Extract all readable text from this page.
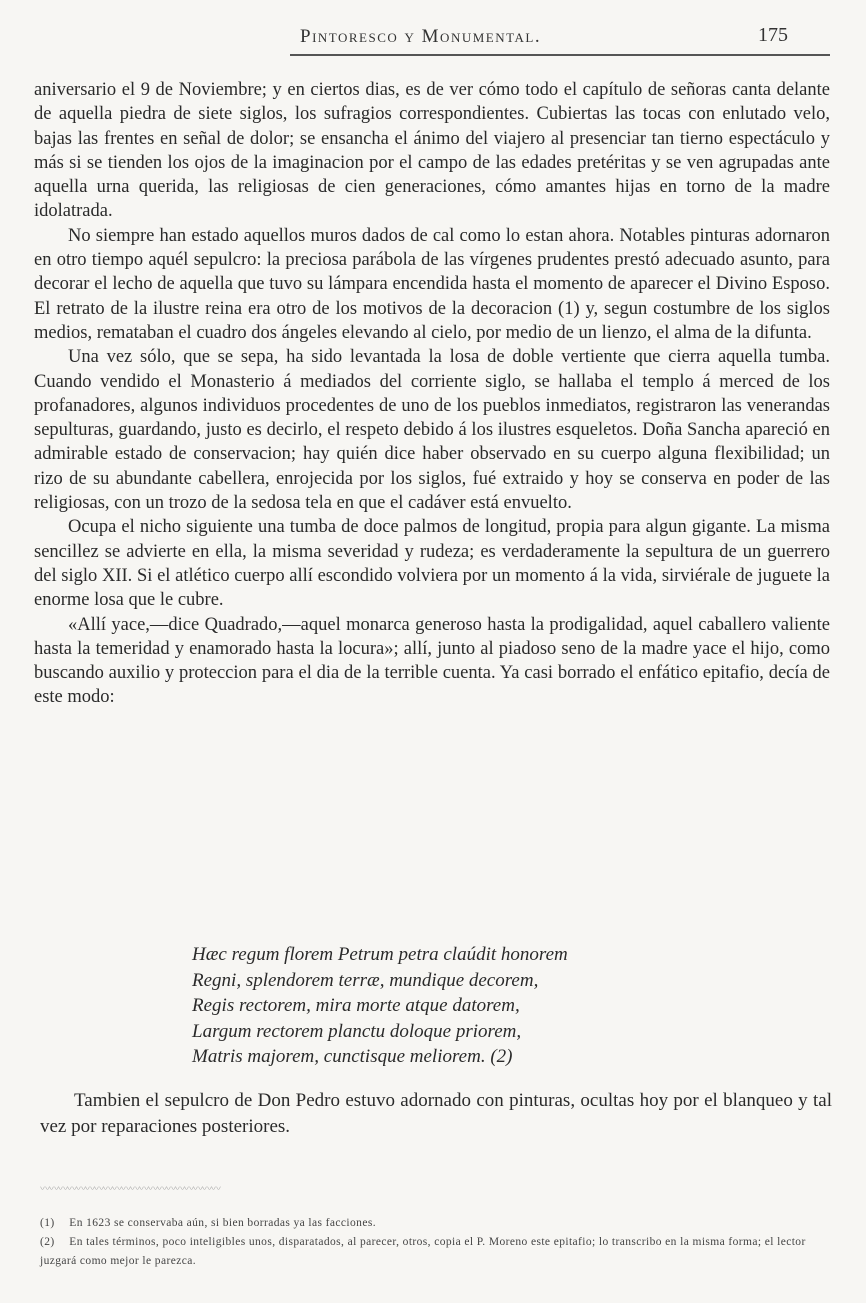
Pintoresco y Monumental.	175

aniversario el 9 de Noviembre; y en ciertos dias, es de ver cómo todo el capítulo de señoras canta delante de aquella piedra de siete siglos, los sufragios correspondientes. Cubiertas las tocas con enlutado velo, bajas las frentes en señal de dolor; se ensancha el ánimo del viajero al presenciar tan tierno espectáculo y más si se tienden los ojos de la imaginacion por el campo de las edades pretéritas y se ven agrupadas ante aquella urna querida, las religiosas de cien generaciones, cómo amantes hijas en torno de la madre idolatrada.

No siempre han estado aquellos muros dados de cal como lo estan ahora. Notables pinturas adornaron en otro tiempo aquél sepulcro: la preciosa parábola de las vírgenes prudentes prestó adecuado asunto, para decorar el lecho de aquella que tuvo su lámpara encendida hasta el momento de aparecer el Divino Esposo. El retrato de la ilustre reina era otro de los motivos de la decoracion (1) y, segun costumbre de los siglos medios, remataban el cuadro dos ángeles elevando al cielo, por medio de un lienzo, el alma de la difunta.

Una vez sólo, que se sepa, ha sido levantada la losa de doble vertiente que cierra aquella tumba. Cuando vendido el Monasterio á mediados del corriente siglo, se hallaba el templo á merced de los profanadores, algunos individuos procedentes de uno de los pueblos inmediatos, registraron las venerandas sepulturas, guardando, justo es decirlo, el respeto debido á los ilustres esqueletos. Doña Sancha apareció en admirable estado de conservacion; hay quién dice haber observado en su cuerpo alguna flexibilidad; un rizo de su abundante cabellera, enrojecida por los siglos, fué extraido y hoy se conserva en poder de las religiosas, con un trozo de la sedosa tela en que el cadáver está envuelto.

Ocupa el nicho siguiente una tumba de doce palmos de longitud, propia para algun gigante. La misma sencillez se advierte en ella, la misma severidad y rudeza; es verdaderamente la sepultura de un guerrero del siglo XII. Si el atlético cuerpo allí escondido volviera por un momento á la vida, sirviérale de juguete la enorme losa que le cubre.

«Allí yace,—dice Quadrado,—aquel monarca generoso hasta la prodigalidad, aquel caballero valiente hasta la temeridad y enamorado hasta la locura»; allí, junto al piadoso seno de la madre yace el hijo, como buscando auxilio y proteccion para el dia de la terrible cuenta. Ya casi borrado el enfático epitafio, decía de este modo:

Hæc regum florem Petrum petra claúdit honorem
Regni, splendorem terræ, mundique decorem,
Regis rectorem, mira morte atque datorem,
Largum rectorem planctu doloque priorem,
Matris majorem, cunctisque meliorem. (2)

Tambien el sepulcro de Don Pedro estuvo adornado con pinturas, ocultas hoy por el blanqueo y tal vez por reparaciones posteriores.

〰〰〰〰〰〰〰〰〰〰〰〰〰〰〰〰〰〰〰〰

(1) En 1623 se conservaba aún, si bien borradas ya las facciones.

(2) En tales términos, poco inteligibles unos, disparatados, al parecer, otros, copia el P. Moreno este epitafio; lo transcribo en la misma forma; el lector juzgará como mejor le parezca.
